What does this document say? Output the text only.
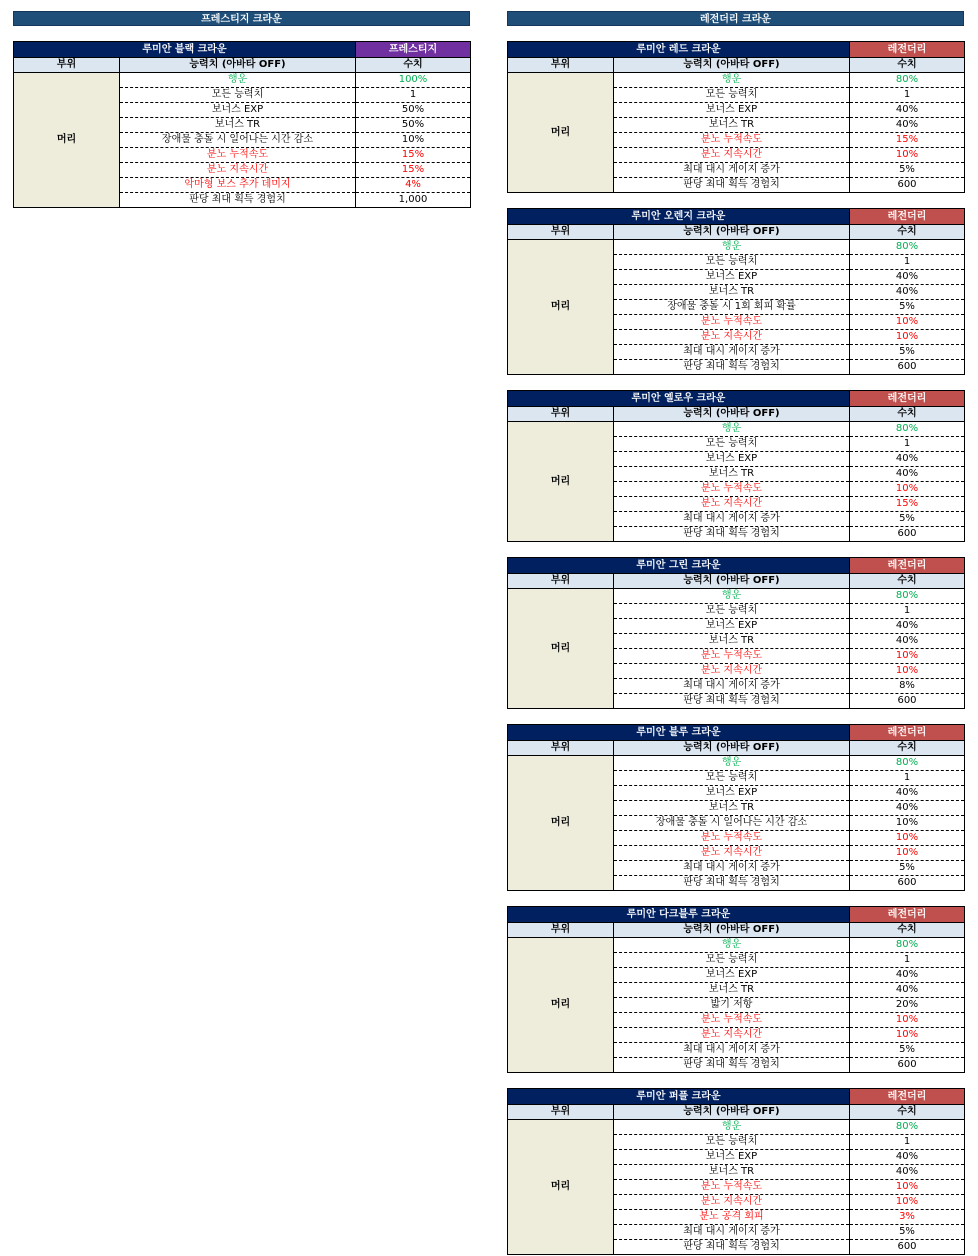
프레스티지 크라운
루미안 블랙 크라운		프레스티지
부위	능력치 (아바타 OFF)	수치
머리	행운	100%
	모든 능력치	1
	보너스 EXP	50%
	보너스 TR	50%
	장애물 충돌 시 일어나는 시간 감소	10%
	분노 누적속도	15%
	분노 지속시간	15%
	악마형 보스 추가 데미지	4%
	판당 최대 획득 경험치	1,000
레전더리 크라운
루미안 레드 크라운		레전더리
부위	능력치 (아바타 OFF)	수치
머리	행운	80%
	모든 능력치	1
	보너스 EXP	40%
	보너스 TR	40%
	분노 누적속도	15%
	분노 지속시간	10%
	최대 대시 게이지 증가	5%
	판당 최대 획득 경험치	600
루미안 오렌지 크라운		레전더리
부위	능력치 (아바타 OFF)	수치
머리	행운	80%
	모든 능력치	1
	보너스 EXP	40%
	보너스 TR	40%
	장애물 충돌 시 1회 회피 확률	5%
	분노 누적속도	10%
	분노 지속시간	10%
	최대 대시 게이지 증가	5%
	판당 최대 획득 경험치	600
루미안 옐로우 크라운		레전더리
부위	능력치 (아바타 OFF)	수치
머리	행운	80%
	모든 능력치	1
	보너스 EXP	40%
	보너스 TR	40%
	분노 누적속도	10%
	분노 지속시간	15%
	최대 대시 게이지 증가	5%
	판당 최대 획득 경험치	600
루미안 그린 크라운		레전더리
부위	능력치 (아바타 OFF)	수치
머리	행운	80%
	모든 능력치	1
	보너스 EXP	40%
	보너스 TR	40%
	분노 누적속도	10%
	분노 지속시간	10%
	최대 대시 게이지 증가	8%
	판당 최대 획득 경험치	600
루미안 블루 크라운		레전더리
부위	능력치 (아바타 OFF)	수치
머리	행운	80%
	모든 능력치	1
	보너스 EXP	40%
	보너스 TR	40%
	장애물 충돌 시 일어나는 시간 감소	10%
	분노 누적속도	10%
	분노 지속시간	10%
	최대 대시 게이지 증가	5%
	판당 최대 획득 경험치	600
루미안 다크블루 크라운		레전더리
부위	능력치 (아바타 OFF)	수치
머리	행운	80%
	모든 능력치	1
	보너스 EXP	40%
	보너스 TR	40%
	밟기 저항	20%
	분노 누적속도	10%
	분노 지속시간	10%
	최대 대시 게이지 증가	5%
	판당 최대 획득 경험치	600
루미안 퍼플 크라운		레전더리
부위	능력치 (아바타 OFF)	수치
머리	행운	80%
	모든 능력치	1
	보너스 EXP	40%
	보너스 TR	40%
	분노 누적속도	10%
	분노 지속시간	10%
	분노 공격 회피	3%
	최대 대시 게이지 증가	5%
	판당 최대 획득 경험치	600
